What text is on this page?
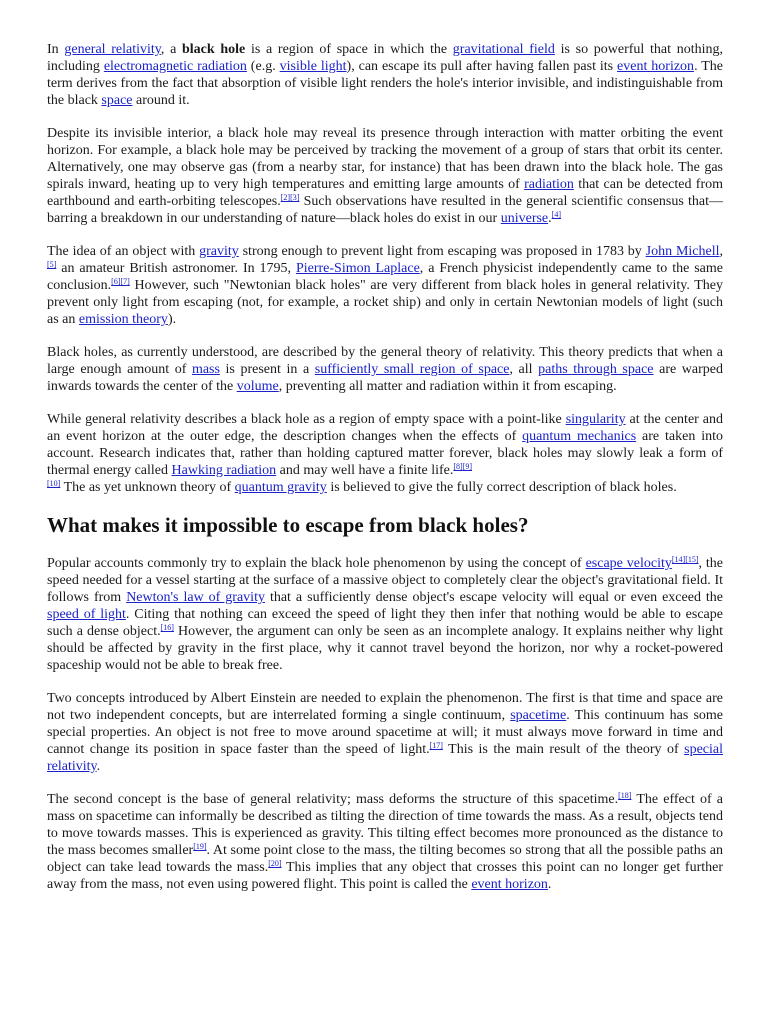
In general relativity, a black hole is a region of space in which the gravitational field is so powerful that nothing, including electromagnetic radiation (e.g. visible light), can escape its pull after having fallen past its event horizon. The term derives from the fact that absorption of visible light renders the hole's interior invisible, and indistinguishable from the black space around it.

Despite its invisible interior, a black hole may reveal its presence through interaction with matter orbiting the event horizon. For example, a black hole may be perceived by tracking the movement of a group of stars that orbit its center. Alternatively, one may observe gas (from a nearby star, for instance) that has been drawn into the black hole. The gas spirals inward, heating up to very high temperatures and emitting large amounts of radiation that can be detected from earthbound and earth-orbiting telescopes.[2][3] Such observations have resulted in the general scientific consensus that—barring a breakdown in our understanding of nature—black holes do exist in our universe.[4]

The idea of an object with gravity strong enough to prevent light from escaping was proposed in 1783 by John Michell,[5] an amateur British astronomer. In 1795, Pierre-Simon Laplace, a French physicist independently came to the same conclusion.[6][7] However, such "Newtonian black holes" are very different from black holes in general relativity. They prevent only light from escaping (not, for example, a rocket ship) and only in certain Newtonian models of light (such as an emission theory).

Black holes, as currently understood, are described by the general theory of relativity. This theory predicts that when a large enough amount of mass is present in a sufficiently small region of space, all paths through space are warped inwards towards the center of the volume, preventing all matter and radiation within it from escaping.

While general relativity describes a black hole as a region of empty space with a point-like singularity at the center and an event horizon at the outer edge, the description changes when the effects of quantum mechanics are taken into account. Research indicates that, rather than holding captured matter forever, black holes may slowly leak a form of thermal energy called Hawking radiation and may well have a finite life.[8][9]
[10] The as yet unknown theory of quantum gravity is believed to give the fully correct description of black holes.

What makes it impossible to escape from black holes?

Popular accounts commonly try to explain the black hole phenomenon by using the concept of escape velocity[14][15], the speed needed for a vessel starting at the surface of a massive object to completely clear the object's gravitational field. It follows from Newton's law of gravity that a sufficiently dense object's escape velocity will equal or even exceed the speed of light. Citing that nothing can exceed the speed of light they then infer that nothing would be able to escape such a dense object.[16] However, the argument can only be seen as an incomplete analogy. It explains neither why light should be affected by gravity in the first place, why it cannot travel beyond the horizon, nor why a rocket-powered spaceship would not be able to break free.

Two concepts introduced by Albert Einstein are needed to explain the phenomenon. The first is that time and space are not two independent concepts, but are interrelated forming a single continuum, spacetime. This continuum has some special properties. An object is not free to move around spacetime at will; it must always move forward in time and cannot change its position in space faster than the speed of light.[17] This is the main result of the theory of special relativity.

The second concept is the base of general relativity; mass deforms the structure of this spacetime.[18] The effect of a mass on spacetime can informally be described as tilting the direction of time towards the mass. As a result, objects tend to move towards masses. This is experienced as gravity. This tilting effect becomes more pronounced as the distance to the mass becomes smaller[19]. At some point close to the mass, the tilting becomes so strong that all the possible paths an object can take lead towards the mass.[20] This implies that any object that crosses this point can no longer get further away from the mass, not even using powered flight. This point is called the event horizon.
